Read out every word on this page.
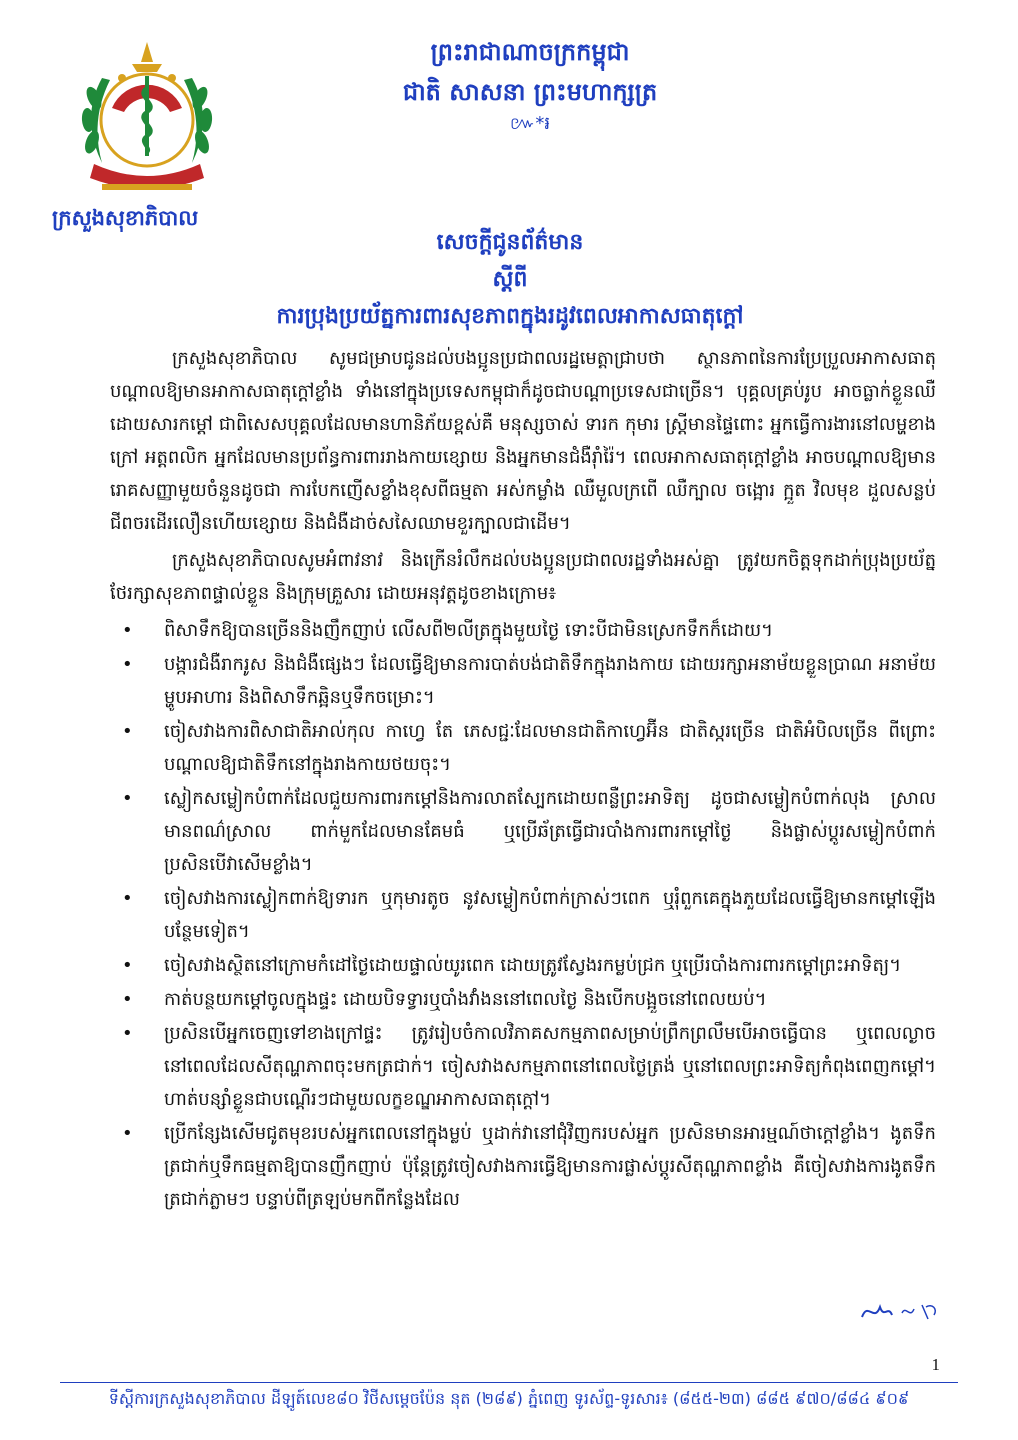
ក្រសួងសុខាភិបាល
ព្រះរាជាណាចក្រកម្ពុជា
ជាតិ សាសនា ព្រះមហាក្សត្រ
៚*៛
សេចក្ដីជូនព័ត៌មាន
ស្ដីពី
ការប្រុងប្រយ័ត្នការពារសុខភាពក្នុងរដូវពេលអាកាសធាតុក្ដៅ

ក្រសួងសុខាភិបាល សូមជម្រាបជូនដល់បងប្អូនប្រជាពលរដ្ឋមេត្តាជ្រាបថា ស្ថានភាពនៃការប្រែប្រួលអាកាសធាតុ បណ្ដាលឱ្យមានអាកាសធាតុក្ដៅខ្លាំង ទាំងនៅក្នុងប្រទេសកម្ពុជាក៏ដូចជាបណ្ដាប្រទេសជាច្រើន។ បុគ្គលគ្រប់រូប អាចធ្លាក់ខ្លួនឈឺដោយសារកម្ដៅ ជាពិសេសបុគ្គលដែលមានហានិភ័យខ្ពស់គឺ មនុស្សចាស់ ទារក កុមារ ស្ត្រីមានផ្ទៃពោះ អ្នកធ្វើការងារនៅលម្ហខាងក្រៅ អត្តពលិក អ្នកដែលមានប្រព័ន្ធការពាររាងកាយខ្សោយ និងអ្នកមានជំងឺរ៉ាំរ៉ៃ។ ពេលអាកាសធាតុក្ដៅខ្លាំង អាចបណ្ដាលឱ្យមានរោគសញ្ញាមួយចំនួនដូចជា ការបែកញើសខ្លាំងខុសពីធម្មតា អស់កម្លាំង ឈឺមួលក្រពើ ឈឺក្បាល ចង្អោរ ក្អួត វិលមុខ ដួលសន្លប់ ជីពចរដើរលឿនហើយខ្សោយ និងជំងឺដាច់សសៃឈាមខួរក្បាលជាដើម។

ក្រសួងសុខាភិបាលសូមអំពាវនាវ និងក្រើនរំលឹកដល់បងប្អូនប្រជាពលរដ្ឋទាំងអស់គ្នា ត្រូវយកចិត្តទុកដាក់ប្រុងប្រយ័ត្នថែរក្សាសុខភាពផ្ទាល់ខ្លួន និងក្រុមគ្រួសារ ដោយអនុវត្តដូចខាងក្រោម៖

• ពិសាទឹកឱ្យបានច្រើននិងញឹកញាប់ លើសពី២លីត្រក្នុងមួយថ្ងៃ ទោះបីជាមិនស្រេកទឹកក៏ដោយ។
• បង្ការជំងឺរាករូស និងជំងឺផ្សេងៗ ដែលធ្វើឱ្យមានការបាត់បង់ជាតិទឹកក្នុងរាងកាយ ដោយរក្សាអនាម័យខ្លួនប្រាណ អនាម័យម្ហូបអាហារ និងពិសាទឹកឆ្អិនឬទឹកចម្រោះ។
• ចៀសវាងការពិសាជាតិអាល់កុល កាហ្វេ តែ ភេសជ្ជៈដែលមានជាតិកាហ្វេអ៊ីន ជាតិស្ករច្រើន ជាតិអំបិលច្រើន ពីព្រោះបណ្ដាលឱ្យជាតិទឹកនៅក្នុងរាងកាយថយចុះ។
• ស្លៀកសម្លៀកបំពាក់ដែលជួយការពារកម្ដៅនិងការលាតស្បែកដោយពន្លឺព្រះអាទិត្យ ដូចជាសម្លៀកបំពាក់លុង ស្រាល មានពណ៌ស្រាល ពាក់មួកដែលមានគែមធំ ឬប្រើឆ័ត្រធ្វើជារបាំងការពារកម្ដៅថ្ងៃ និងផ្លាស់ប្ដូរសម្លៀកបំពាក់ប្រសិនបើវាសើមខ្លាំង។
• ចៀសវាងការស្លៀកពាក់ឱ្យទារក ឬកុមារតូច នូវសម្លៀកបំពាក់ក្រាស់ៗពេក ឬរុំពួកគេក្នុងភួយដែលធ្វើឱ្យមានកម្ដៅឡើងបន្ថែមទៀត។
• ចៀសវាងស្ថិតនៅក្រោមកំដៅថ្ងៃដោយផ្ទាល់យូរពេក ដោយត្រូវស្វែងរកម្លប់ជ្រក ឬប្រើរបាំងការពារកម្ដៅព្រះអាទិត្យ។
• កាត់បន្ថយកម្ដៅចូលក្នុងផ្ទះ ដោយបិទទ្វារឬបាំងវាំងននៅពេលថ្ងៃ និងបើកបង្អួចនៅពេលយប់។
• ប្រសិនបើអ្នកចេញទៅខាងក្រៅផ្ទះ ត្រូវរៀបចំកាលវិភាគសកម្មភាពសម្រាប់ព្រឹកព្រលឹមបើអាចធ្វើបាន ឬពេលល្ងាចនៅពេលដែលសីតុណ្ហភាពចុះមកត្រជាក់។ ចៀសវាងសកម្មភាពនៅពេលថ្ងៃត្រង់ ឬនៅពេលព្រះអាទិត្យកំពុងពេញកម្ដៅ។ ហាត់បន្សាំខ្លួនជាបណ្ដើរៗជាមួយលក្ខខណ្ឌអាកាសធាតុក្ដៅ។
• ប្រើកន្សែងសើមជូតមុខរបស់អ្នកពេលនៅក្នុងម្លប់ ឬដាក់វានៅជុំវិញករបស់អ្នក ប្រសិនមានអារម្មណ៍ថាក្ដៅខ្លាំង។ ងូតទឹកត្រជាក់ឬទឹកធម្មតាឱ្យបានញឹកញាប់ ប៉ុន្តែត្រូវចៀសវាងការធ្វើឱ្យមានការផ្លាស់ប្ដូរសីតុណ្ហភាពខ្លាំង គឺចៀសវាងការងូតទឹកត្រជាក់ភ្លាមៗ បន្ទាប់ពីត្រឡប់មកពីកន្លែងដែល
1
ទីស្ដីការក្រសួងសុខាភិបាល ដីឡូត៍លេខ៨០ វិថីសម្ដេចប៉ែន នុត (២៨៩) ភ្នំពេញ ទូរស័ព្ទ-ទូរសារ៖ (៨៥៥-២៣) ៨៨៥ ៩៧០/៨៨៤ ៩០៩
